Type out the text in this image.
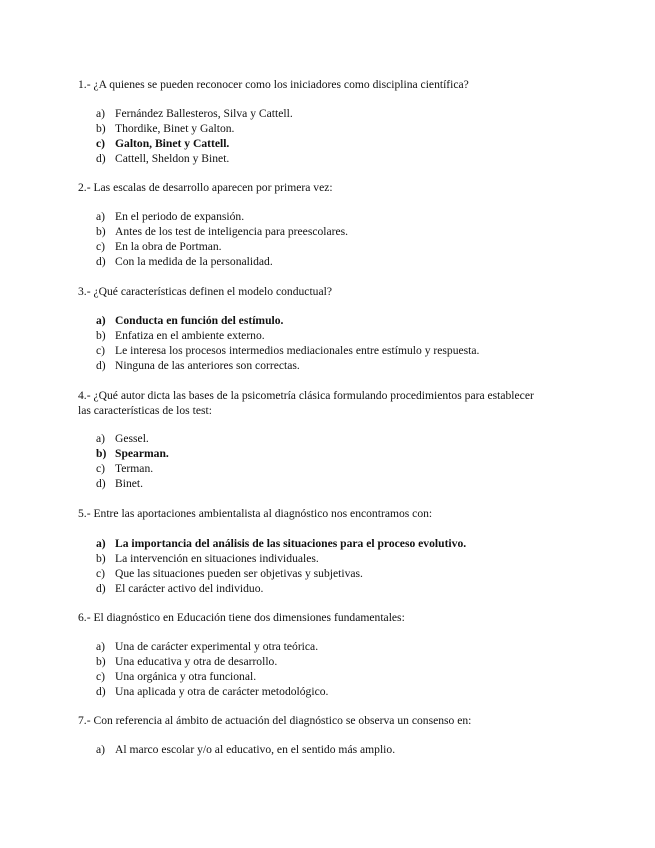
1.- ¿A quienes se pueden reconocer como los iniciadores como disciplina científica?

a) Fernández Ballesteros, Silva y Cattell.
b) Thordike, Binet y Galton.
c) Galton, Binet y Cattell.
d) Cattell, Sheldon y Binet.

2.- Las escalas de desarrollo aparecen por primera vez:

a) En el periodo de expansión.
b) Antes de los test de inteligencia para preescolares.
c) En la obra de Portman.
d) Con la medida de la personalidad.

3.- ¿Qué características definen el modelo conductual?

a) Conducta en función del estímulo.
b) Enfatiza en el ambiente externo.
c) Le interesa los procesos intermedios mediacionales entre estímulo y respuesta.
d) Ninguna de las anteriores son correctas.

4.- ¿Qué autor dicta las bases de la psicometría clásica formulando procedimientos para establecer las características de los test:

a) Gessel.
b) Spearman.
c) Terman.
d) Binet.

5.- Entre las aportaciones ambientalista al diagnóstico nos encontramos con:

a) La importancia del análisis de las situaciones para el proceso evolutivo.
b) La intervención en situaciones individuales.
c) Que las situaciones pueden ser objetivas y subjetivas.
d) El carácter activo del individuo.

6.- El diagnóstico en Educación tiene dos dimensiones fundamentales:

a) Una de carácter experimental y otra teórica.
b) Una educativa y otra de desarrollo.
c) Una orgánica y otra funcional.
d) Una aplicada y otra de carácter metodológico.

7.- Con referencia al ámbito de actuación del diagnóstico se observa un consenso en:

a) Al marco escolar y/o al educativo, en el sentido más amplio.
